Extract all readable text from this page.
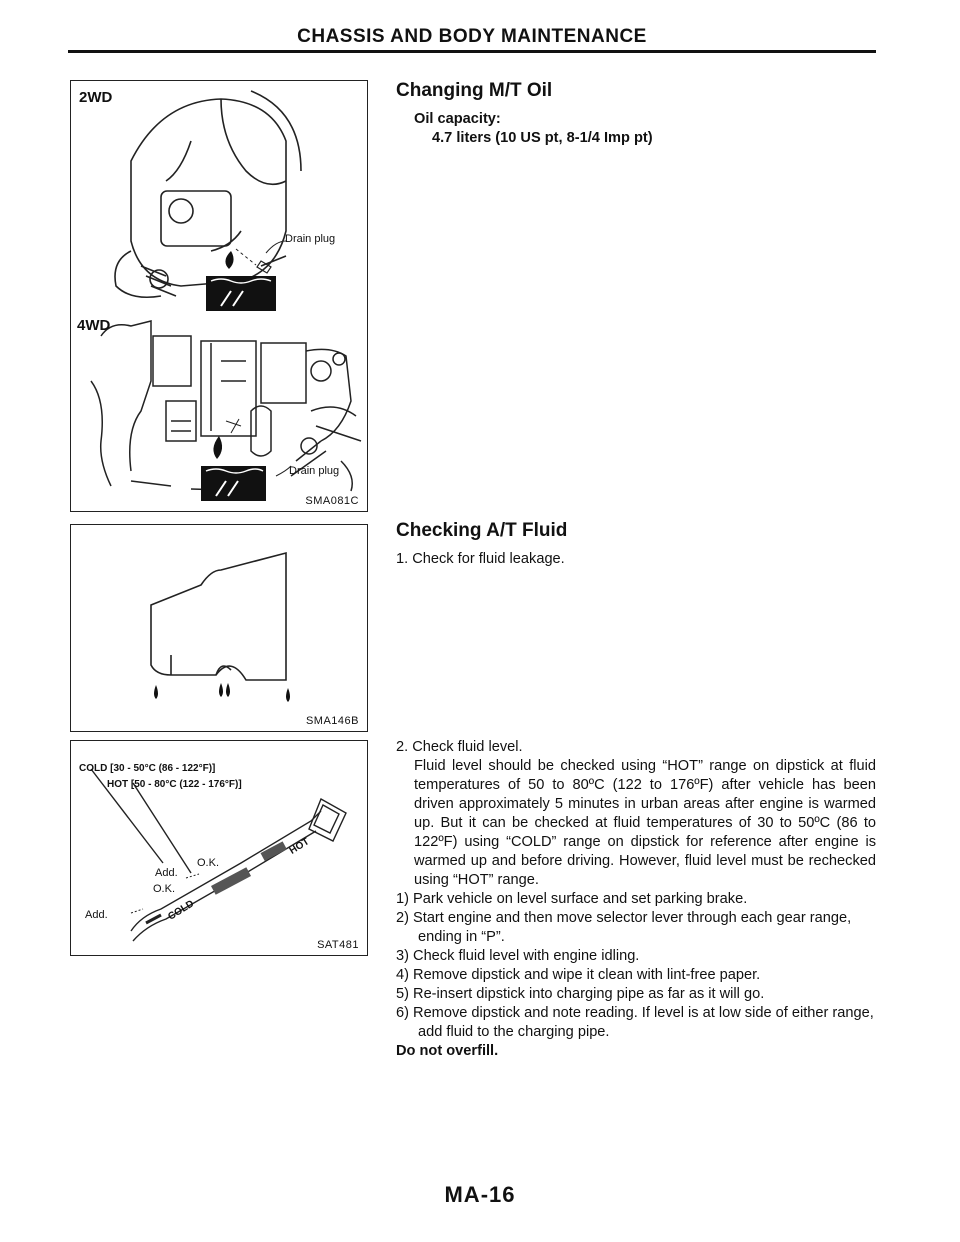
CHASSIS AND BODY MAINTENANCE
2WD
4WD
Drain plug
Drain plug
SMA081C
SMA146B
COLD [30 - 50°C (86 - 122°F)]
HOT [50 - 80°C (122 - 176°F)]
O.K.
Add.
O.K.
Add.
HOT
COLD
SAT481
Changing M/T Oil
Oil capacity:
4.7 liters (10 US pt, 8-1/4 Imp pt)
Checking A/T Fluid
1. Check for fluid leakage.
2. Check fluid level.
Fluid level should be checked using “HOT” range on dipstick at fluid temperatures of 50 to 80ºC (122 to 176ºF) after vehicle has been driven approximately 5 minutes in urban areas after engine is warmed up. But it can be checked at fluid temperatures of 30 to 50ºC (86 to 122ºF) using “COLD” range on dipstick for reference after engine is warmed up and before driving. However, fluid level must be rechecked using “HOT” range.
1) Park vehicle on level surface and set parking brake.
2) Start engine and then move selector lever through each gear range, ending in “P”.
3) Check fluid level with engine idling.
4) Remove dipstick and wipe it clean with lint-free paper.
5) Re-insert dipstick into charging pipe as far as it will go.
6) Remove dipstick and note reading. If level is at low side of either range, add fluid to the charging pipe.
Do not overfill.
MA-16
